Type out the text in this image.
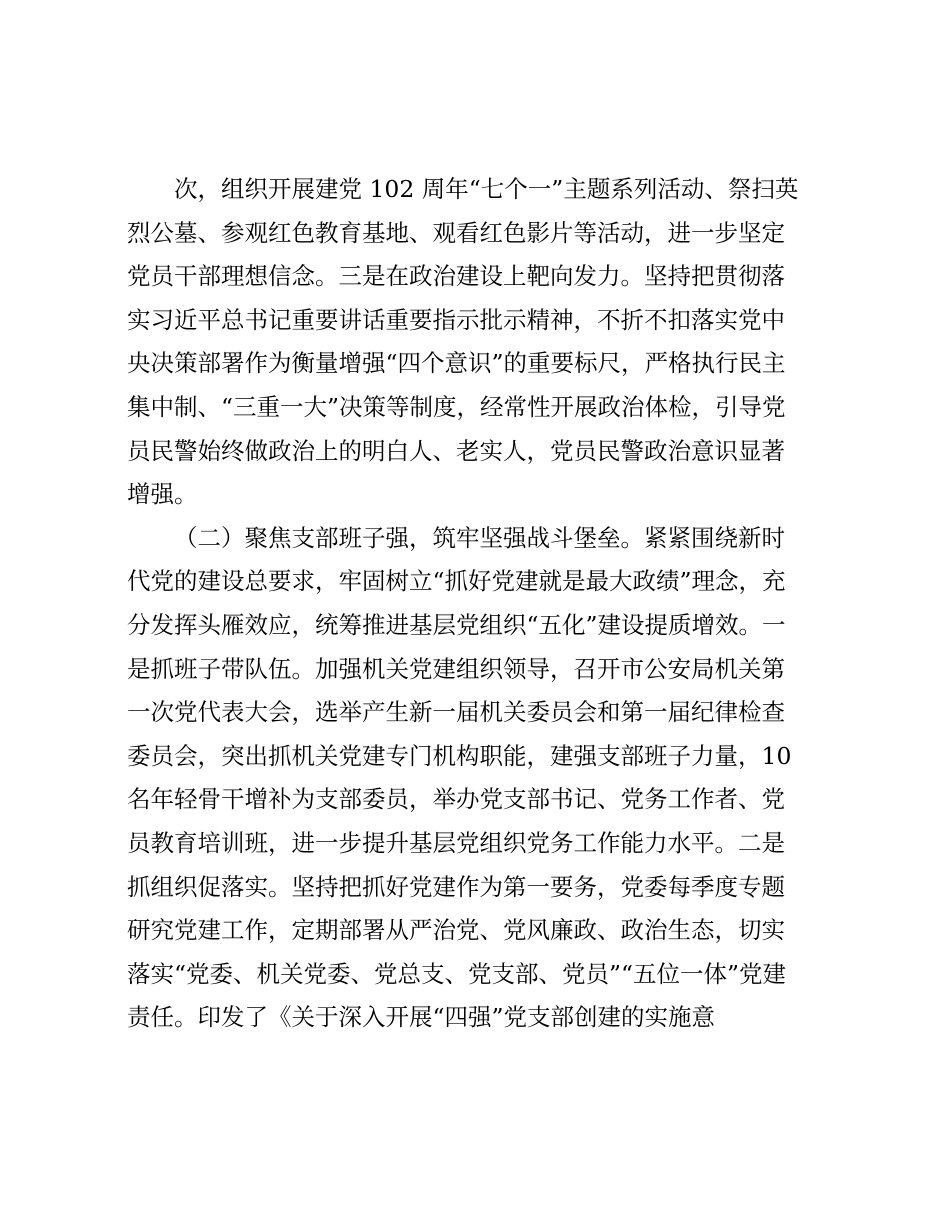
次，组织开展建党 102 周年“七个一”主题系列活动、祭扫英
烈公墓、参观红色教育基地、观看红色影片等活动，进一步坚定
党员干部理想信念。三是在政治建设上靶向发力。坚持把贯彻落
实习近平总书记重要讲话重要指示批示精神，不折不扣落实党中
央决策部署作为衡量增强“四个意识”的重要标尺，严格执行民主
集中制、“三重一大”决策等制度，经常性开展政治体检，引导党
员民警始终做政治上的明白人、老实人，党员民警政治意识显著
增强。
（二）聚焦支部班子强，筑牢坚强战斗堡垒。紧紧围绕新时
代党的建设总要求，牢固树立“抓好党建就是最大政绩”理念，充
分发挥头雁效应，统筹推进基层党组织“五化”建设提质增效。一
是抓班子带队伍。加强机关党建组织领导，召开市公安局机关第
一次党代表大会，选举产生新一届机关委员会和第一届纪律检查
委员会，突出抓机关党建专门机构职能，建强支部班子力量，10
名年轻骨干增补为支部委员，举办党支部书记、党务工作者、党
员教育培训班，进一步提升基层党组织党务工作能力水平。二是
抓组织促落实。坚持把抓好党建作为第一要务，党委每季度专题
研究党建工作，定期部署从严治党、党风廉政、政治生态，切实
落实“党委、机关党委、党总支、党支部、党员”“五位一体”党建
责任。印发了《关于深入开展“四强”党支部创建的实施意
